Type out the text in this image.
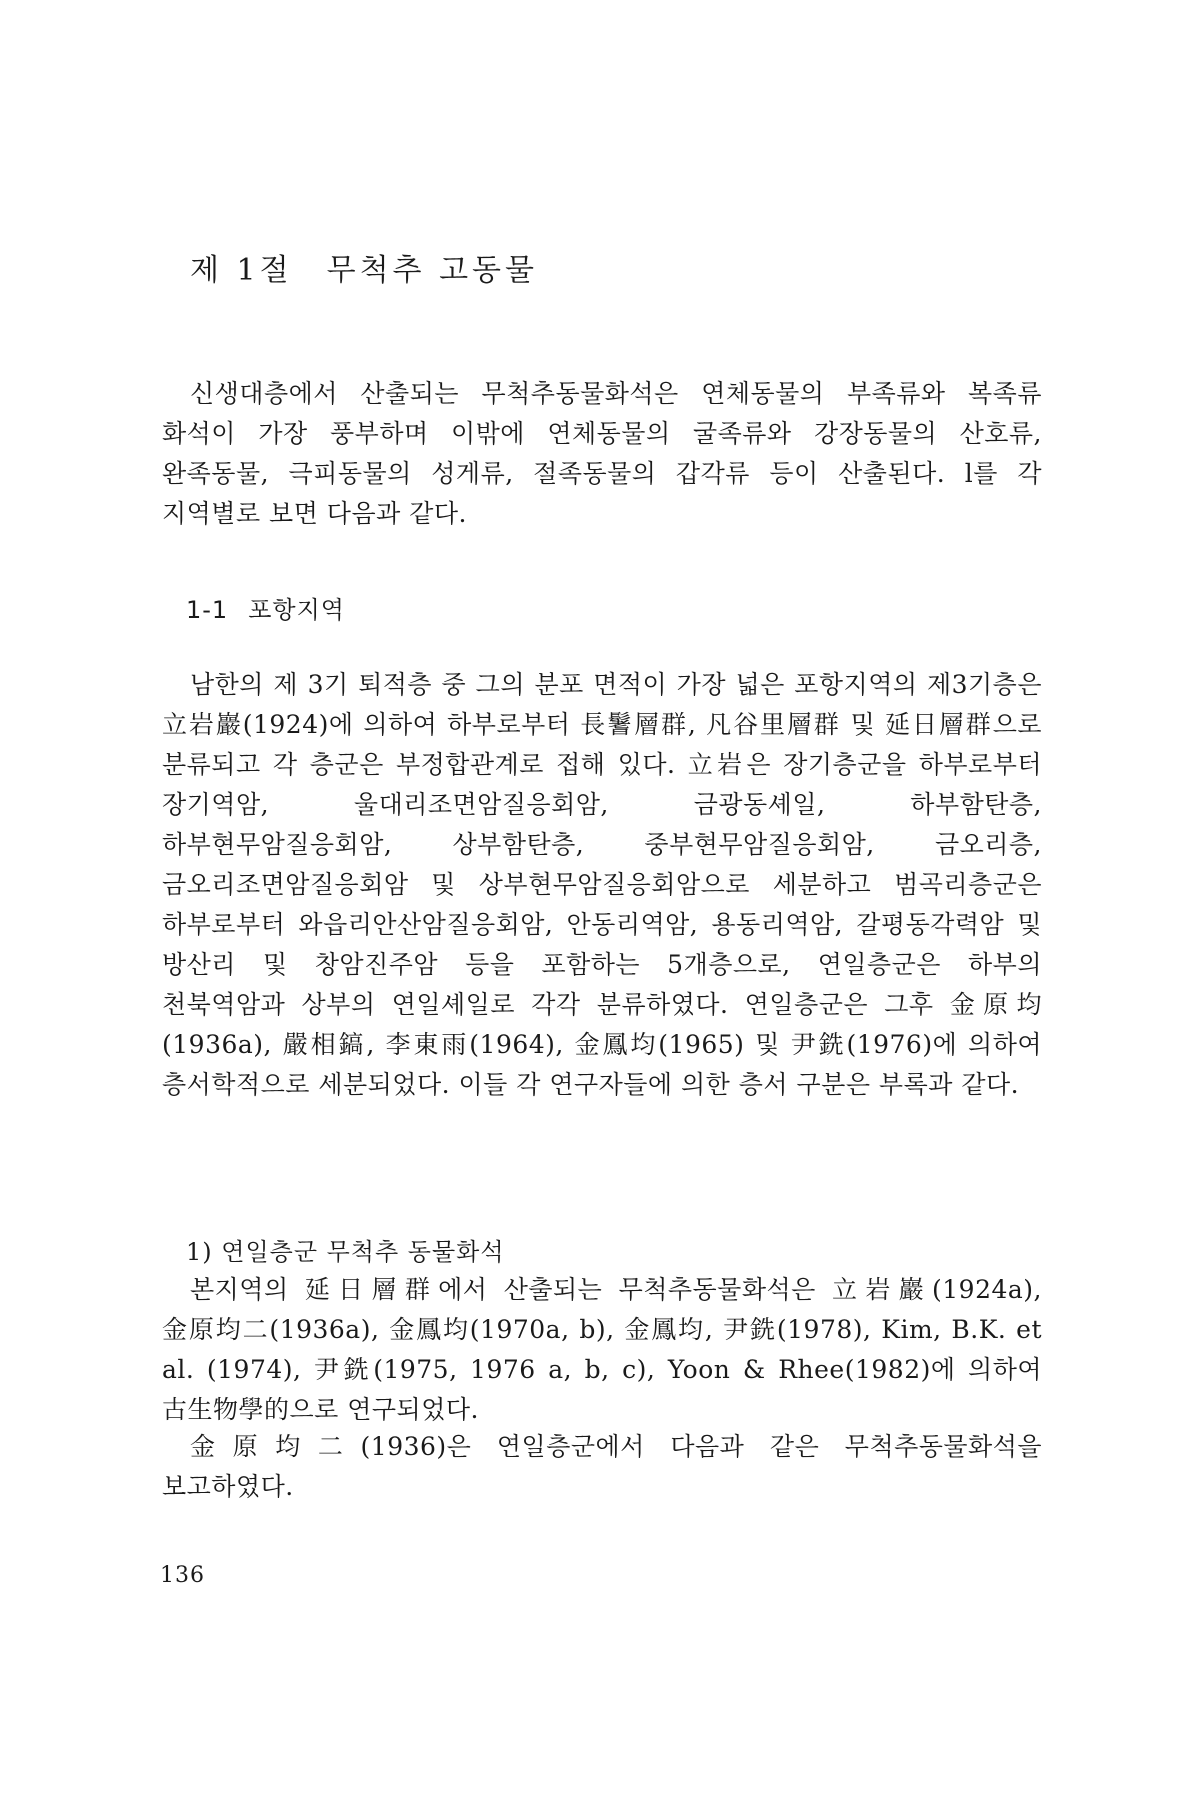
제 1절 무척추 고동물

신생대층에서 산출되는 무척추동물화석은 연체동물의 부족류와 복족류 화석이 가장 풍부하며 이밖에 연체동물의 굴족류와 강장동물의 산호류, 완족동물, 극피동물의 성게류, 절족동물의 갑각류 등이 산출된다. l를 각 지역별로 보면 다음과 같다.

1-1 포항지역

남한의 제 3기 퇴적층 중 그의 분포 면적이 가장 넓은 포항지역의 제3기층은 立岩巖(1924)에 의하여 하부로부터 長鬐層群, 凡谷里層群 및 延日層群으로 분류되고 각 층군은 부정합관계로 접해 있다. 立岩은 장기층군을 하부로부터 장기역암, 울대리조면암질응회암, 금광동셰일, 하부함탄층, 하부현무암질응회암, 상부함탄층, 중부현무암질응회암, 금오리층, 금오리조면암질응회암 및 상부현무암질응회암으로 세분하고 범곡리층군은 하부로부터 와읍리안산암질응회암, 안동리역암, 용동리역암, 갈평동각력암 및 방산리 및 창암진주암 등을 포함하는 5개층으로, 연일층군은 하부의 천북역암과 상부의 연일셰일로 각각 분류하였다. 연일층군은 그후 金原均(1936a), 嚴相鎬, 李東雨(1964), 金鳳均(1965) 및 尹銑(1976)에 의하여 층서학적으로 세분되었다. 이들 각 연구자들에 의한 층서 구분은 부록과 같다.

1) 연일층군 무척추 동물화석

본지역의 延日層群에서 산출되는 무척추동물화석은 立岩巖(1924a), 金原均二(1936a), 金鳳均(1970a, b), 金鳳均, 尹銑(1978), Kim, B.K. et al. (1974), 尹銑(1975, 1976 a, b, c), Yoon & Rhee(1982)에 의하여 古生物學的으로 연구되었다.

金原均二(1936)은 연일층군에서 다음과 같은 무척추동물화석을 보고하였다.

136
